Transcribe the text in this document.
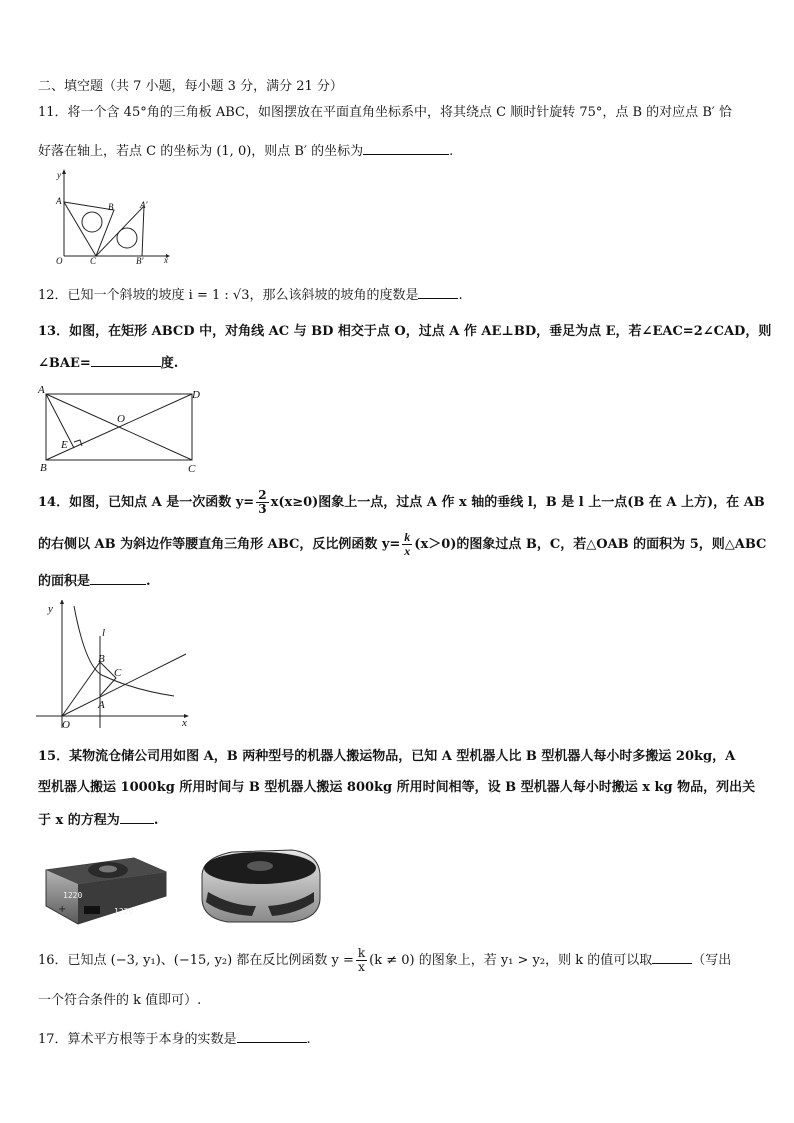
二、填空题（共 7 小题，每小题 3 分，满分 21 分）
11．将一个含 45°角的三角板 ABC，如图摆放在平面直角坐标系中，将其绕点 C 顺时针旋转 75°，点 B 的对应点 B′ 恰
好落在轴上，若点 C 的坐标为 (1, 0)，则点 B′ 的坐标为	.
y
x
A
B	A′
O	C	B′
12．已知一个斜坡的坡度 i = 1 : √3，那么该斜坡的坡角的度数是	.
13．如图，在矩形 ABCD 中，对角线 AC 与 BD 相交于点 O，过点 A 作 AE⊥BD，垂足为点 E，若∠EAC=2∠CAD，则
∠BAE=	度.
A	D
B	C
O
E
14．如图，已知点 A 是一次函数 $y= \frac{2}{3} x(x\ge 0)$图象上一点，过点 A 作 x 轴的垂线 l，B 是 l 上一点(B 在 A 上方)，在 AB
的右侧以 AB 为斜边作等腰直角三角形 ABC，反比例函数 $y= \frac{k}{x} (x>0)$的图象过点 B，C，若△OAB 的面积为 5，则△ABC
的面积是	.
y
x
l
B
C
A
O
15．某物流仓储公司用如图 A，B 两种型号的机器人搬运物品，已知 A 型机器人比 B 型机器人每小时多搬运 20kg，A
型机器人搬运 1000kg 所用时间与 B 型机器人搬运 800kg 所用时间相等，设 B 型机器人每小时搬运 x kg 物品，列出关
于 x 的方程为	.
1220
1220
+
16．已知点 (−3, y₁)、(−15, y₂) 都在反比例函数 $y = \frac{k}{x} (k \ne 0)$ 的图象上，若 y₁ > y₂，则 k 的值可以取	（写出
一个符合条件的 k 值即可）.
17．算术平方根等于本身的实数是	.
